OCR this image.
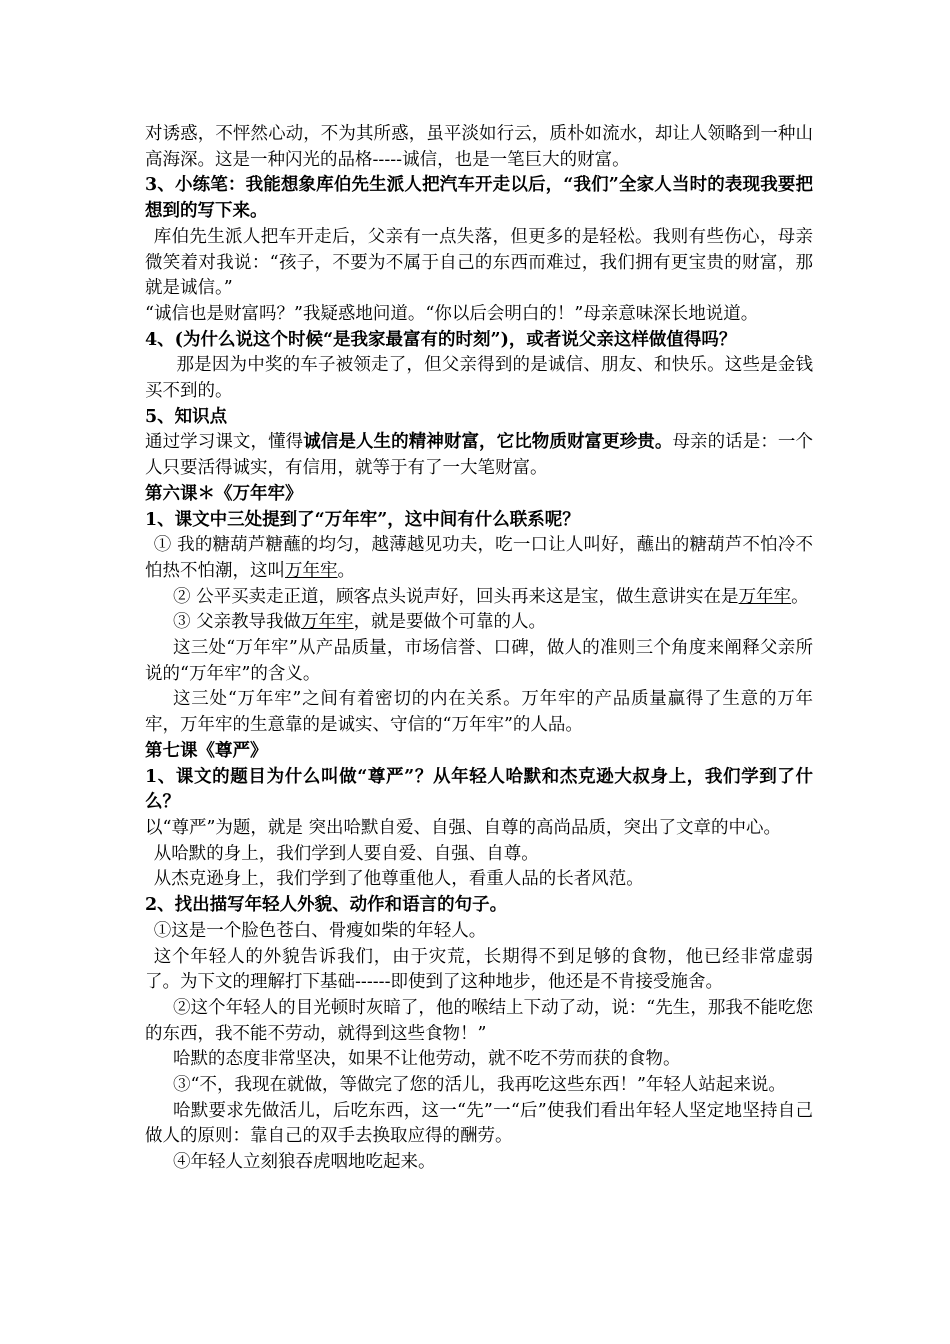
对诱惑，不怦然心动，不为其所惑，虽平淡如行云，质朴如流水，却让人领略到一种山高海深。这是一种闪光的品格-----诚信，也是一笔巨大的财富。

3、小练笔：我能想象库伯先生派人把汽车开走以后，“我们”全家人当时的表现我要把想到的写下来。

库伯先生派人把车开走后，父亲有一点失落，但更多的是轻松。我则有些伤心，母亲微笑着对我说：“孩子，不要为不属于自己的东西而难过，我们拥有更宝贵的财富，那就是诚信。”

“诚信也是财富吗？”我疑惑地问道。“你以后会明白的！”母亲意味深长地说道。

4、(为什么说这个时候“是我家最富有的时刻”)，或者说父亲这样做值得吗？

那是因为中奖的车子被领走了，但父亲得到的是诚信、朋友、和快乐。这些是金钱买不到的。

5、知识点

通过学习课文，懂得诚信是人生的精神财富，它比物质财富更珍贵。母亲的话是：一个人只要活得诚实，有信用，就等于有了一大笔财富。

第六课＊《万年牢》

1、课文中三处提到了“万年牢”，这中间有什么联系呢？

① 我的糖葫芦糖蘸的均匀，越薄越见功夫，吃一口让人叫好，蘸出的糖葫芦不怕冷不怕热不怕潮，这叫万年牢。

② 公平买卖走正道，顾客点头说声好，回头再来这是宝，做生意讲实在是万年牢。

③ 父亲教导我做万年牢，就是要做个可靠的人。

这三处“万年牢”从产品质量，市场信誉、口碑，做人的准则三个角度来阐释父亲所说的“万年牢”的含义。

这三处“万年牢”之间有着密切的内在关系。万年牢的产品质量赢得了生意的万年牢，万年牢的生意靠的是诚实、守信的“万年牢”的人品。

第七课《尊严》

1、课文的题目为什么叫做“尊严”？从年轻人哈默和杰克逊大叔身上，我们学到了什么？

以“尊严”为题，就是 突出哈默自爱、自强、自尊的高尚品质，突出了文章的中心。

从哈默的身上，我们学到人要自爱、自强、自尊。

从杰克逊身上，我们学到了他尊重他人，看重人品的长者风范。

2、找出描写年轻人外貌、动作和语言的句子。

①这是一个脸色苍白、骨瘦如柴的年轻人。

这个年轻人的外貌告诉我们，由于灾荒，长期得不到足够的食物，他已经非常虚弱了。为下文的理解打下基础------即使到了这种地步，他还是不肯接受施舍。

②这个年轻人的目光顿时灰暗了，他的喉结上下动了动，说：“先生，那我不能吃您的东西，我不能不劳动，就得到这些食物！”

哈默的态度非常坚决，如果不让他劳动，就不吃不劳而获的食物。

③“不，我现在就做，等做完了您的活儿，我再吃这些东西！”年轻人站起来说。

哈默要求先做活儿，后吃东西，这一“先”一“后”使我们看出年轻人坚定地坚持自己做人的原则：靠自己的双手去换取应得的酬劳。

④年轻人立刻狼吞虎咽地吃起来。
